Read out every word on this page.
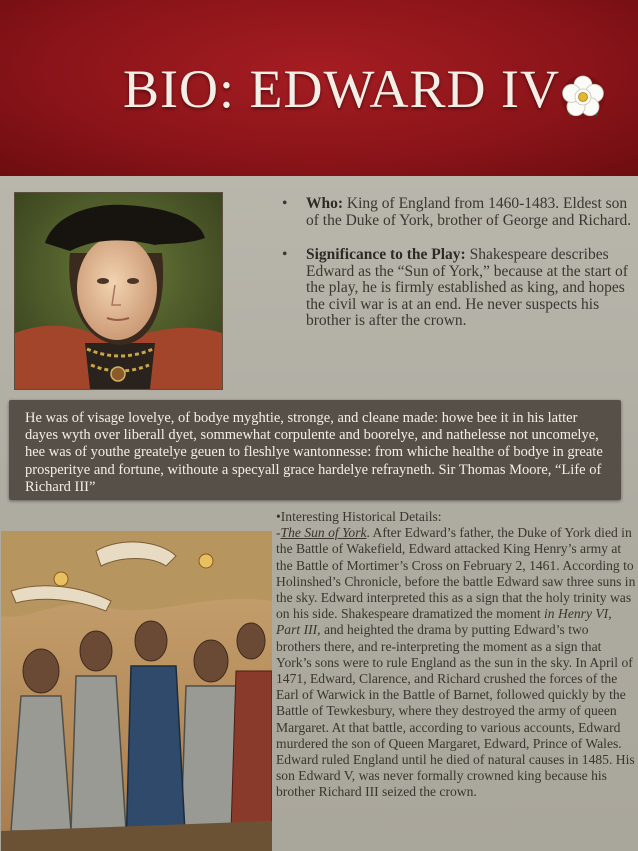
BIO: EDWARD IV
• Who: King of England from 1460-1483. Eldest son of the Duke of York, brother of George and Richard.
• Significance to the Play: Shakespeare describes Edward as the “Sun of York,” because at the start of the play, he is firmly established as king, and hopes the civil war is at an end. He never suspects his brother is after the crown.
He was of visage lovelye, of bodye myghtie, stronge, and cleane made: howe bee it in his latter dayes wyth over liberall dyet, sommewhat corpulente and boorelye, and nathelesse not uncomelye, hee was of youthe greatelye geuen to fleshlye wantonnesse: from whiche healthe of bodye in greate prosperitye and fortune, withoute a specyall grace hardelye refrayneth. Sir Thomas Moore, “Life of Richard III”
•Interesting Historical Details:
-The Sun of York. After Edward’s father, the Duke of York died in the Battle of Wakefield, Edward attacked King Henry’s army at the Battle of Mortimer’s Cross on February 2, 1461. According to Holinshed’s Chronicle, before the battle Edward saw three suns in the sky. Edward interpreted this as a sign that the holy trinity was on his side. Shakespeare dramatized the moment in Henry VI, Part III, and heighted the drama by putting Edward’s two brothers there, and re-interpreting the moment as a sign that York’s sons were to rule England as the sun in the sky. In April of 1471, Edward, Clarence, and Richard crushed the forces of the Earl of Warwick in the Battle of Barnet, followed quickly by the Battle of Tewkesbury, where they destroyed the army of queen Margaret. At that battle, according to various accounts, Edward murdered the son of Queen Margaret, Edward, Prince of Wales. Edward ruled England until he died of natural causes in 1485. His son Edward V, was never formally crowned king because his brother Richard III seized the crown.
